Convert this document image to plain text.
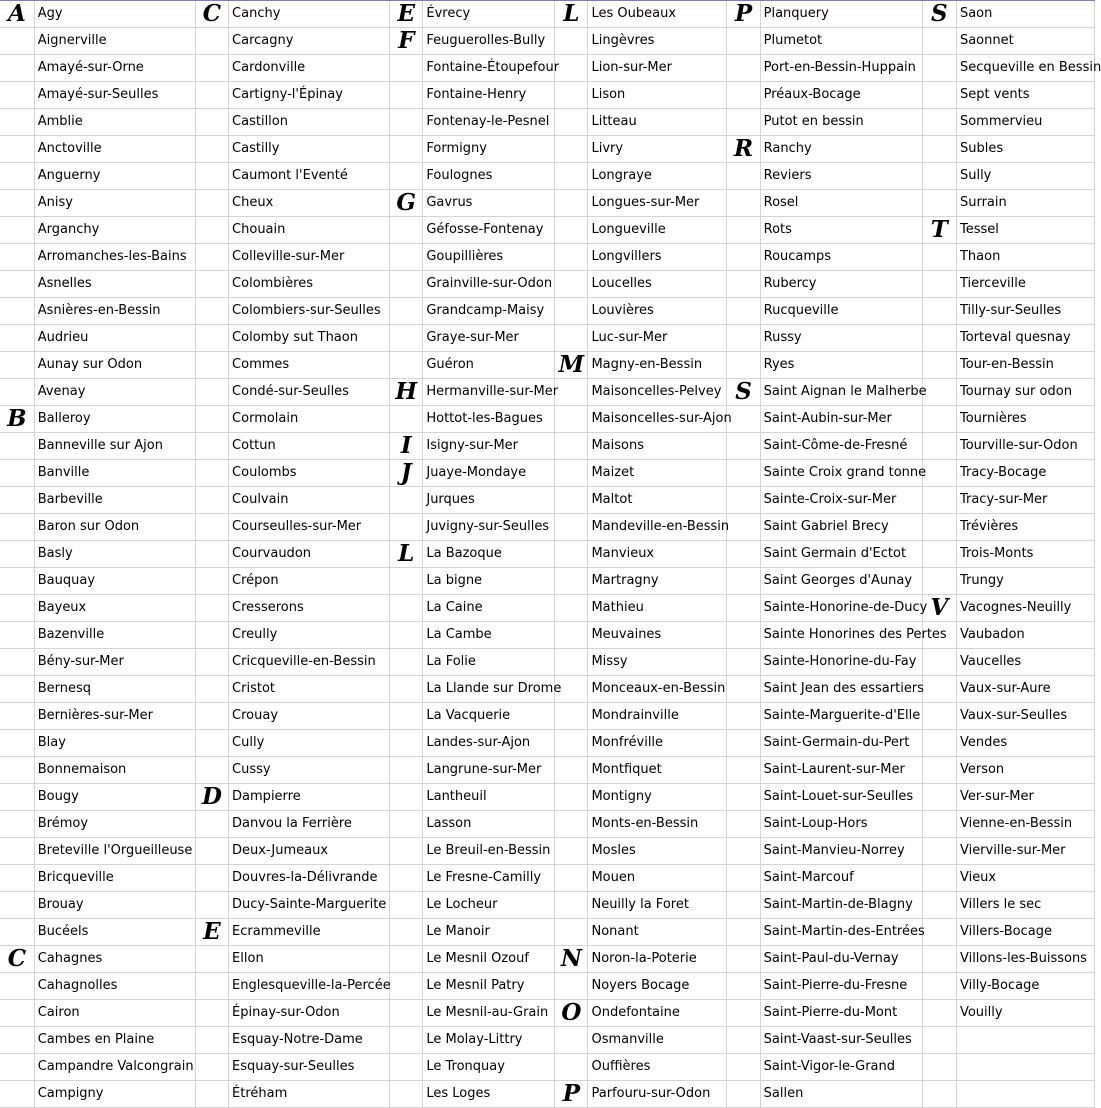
A	Agy	C	Canchy	E	Évrecy	L	Les Oubeaux	P	Planquery	S	Saon
	Aignerville		Carcagny	F	Feuguerolles-Bully		Lingèvres		Plumetot		Saonnet
	Amayé-sur-Orne		Cardonville		Fontaine-Étoupefour		Lion-sur-Mer		Port-en-Bessin-Huppain		Secqueville en Bessin
	Amayé-sur-Seulles		Cartigny-l'Épinay		Fontaine-Henry		Lison		Préaux-Bocage		Sept vents
	Amblie		Castillon		Fontenay-le-Pesnel		Litteau		Putot en bessin		Sommervieu
	Anctoville		Castilly		Formigny		Livry	R	Ranchy		Subles
	Anguerny		Caumont l'Eventé		Foulognes		Longraye		Reviers		Sully
	Anisy		Cheux	G	Gavrus		Longues-sur-Mer		Rosel		Surrain
	Arganchy		Chouain		Géfosse-Fontenay		Longueville		Rots	T	Tessel
	Arromanches-les-Bains		Colleville-sur-Mer		Goupillières		Longvillers		Roucamps		Thaon
	Asnelles		Colombières		Grainville-sur-Odon		Loucelles		Rubercy		Tierceville
	Asnières-en-Bessin		Colombiers-sur-Seulles		Grandcamp-Maisy		Louvières		Rucqueville		Tilly-sur-Seulles
	Audrieu		Colomby sut Thaon		Graye-sur-Mer		Luc-sur-Mer		Russy		Torteval quesnay
	Aunay sur Odon		Commes		Guéron	M	Magny-en-Bessin		Ryes		Tour-en-Bessin
	Avenay		Condé-sur-Seulles	H	Hermanville-sur-Mer		Maisoncelles-Pelvey	S	Saint Aignan le Malherbe		Tournay sur odon
B	Balleroy		Cormolain		Hottot-les-Bagues		Maisoncelles-sur-Ajon		Saint-Aubin-sur-Mer		Tournières
	Banneville sur Ajon		Cottun	I	Isigny-sur-Mer		Maisons		Saint-Côme-de-Fresné		Tourville-sur-Odon
	Banville		Coulombs	J	Juaye-Mondaye		Maizet		Sainte Croix grand tonne		Tracy-Bocage
	Barbeville		Coulvain		Jurques		Maltot		Sainte-Croix-sur-Mer		Tracy-sur-Mer
	Baron sur Odon		Courseulles-sur-Mer		Juvigny-sur-Seulles		Mandeville-en-Bessin		Saint Gabriel Brecy		Trévières
	Basly		Courvaudon	L	La Bazoque		Manvieux		Saint Germain d'Ectot		Trois-Monts
	Bauquay		Crépon		La bigne		Martragny		Saint Georges d'Aunay		Trungy
	Bayeux		Cresserons		La Caine		Mathieu		Sainte-Honorine-de-Ducy	V	Vacognes-Neuilly
	Bazenville		Creully		La Cambe		Meuvaines		Sainte Honorines des Pertes		Vaubadon
	Bény-sur-Mer		Cricqueville-en-Bessin		La Folie		Missy		Sainte-Honorine-du-Fay		Vaucelles
	Bernesq		Cristot		La Llande sur Drome		Monceaux-en-Bessin		Saint Jean des essartiers		Vaux-sur-Aure
	Bernières-sur-Mer		Crouay		La Vacquerie		Mondrainville		Sainte-Marguerite-d'Elle		Vaux-sur-Seulles
	Blay		Cully		Landes-sur-Ajon		Monfréville		Saint-Germain-du-Pert		Vendes
	Bonnemaison		Cussy		Langrune-sur-Mer		Montfiquet		Saint-Laurent-sur-Mer		Verson
	Bougy	D	Dampierre		Lantheuil		Montigny		Saint-Louet-sur-Seulles		Ver-sur-Mer
	Brémoy		Danvou la Ferrière		Lasson		Monts-en-Bessin		Saint-Loup-Hors		Vienne-en-Bessin
	Breteville l'Orgueilleuse		Deux-Jumeaux		Le Breuil-en-Bessin		Mosles		Saint-Manvieu-Norrey		Vierville-sur-Mer
	Bricqueville		Douvres-la-Délivrande		Le Fresne-Camilly		Mouen		Saint-Marcouf		Vieux
	Brouay		Ducy-Sainte-Marguerite		Le Locheur		Neuilly la Foret		Saint-Martin-de-Blagny		Villers le sec
	Bucéels	E	Ecrammeville		Le Manoir		Nonant		Saint-Martin-des-Entrées		Villers-Bocage
C	Cahagnes		Ellon		Le Mesnil Ozouf	N	Noron-la-Poterie		Saint-Paul-du-Vernay		Villons-les-Buissons
	Cahagnolles		Englesqueville-la-Percée		Le Mesnil Patry		Noyers Bocage		Saint-Pierre-du-Fresne		Villy-Bocage
	Cairon		Épinay-sur-Odon		Le Mesnil-au-Grain	O	Ondefontaine		Saint-Pierre-du-Mont		Vouilly
	Cambes en Plaine		Esquay-Notre-Dame		Le Molay-Littry		Osmanville		Saint-Vaast-sur-Seulles		
	Campandre Valcongrain		Esquay-sur-Seulles		Le Tronquay		Ouffières		Saint-Vigor-le-Grand		
	Campigny		Étréham		Les Loges	P	Parfouru-sur-Odon		Sallen		
